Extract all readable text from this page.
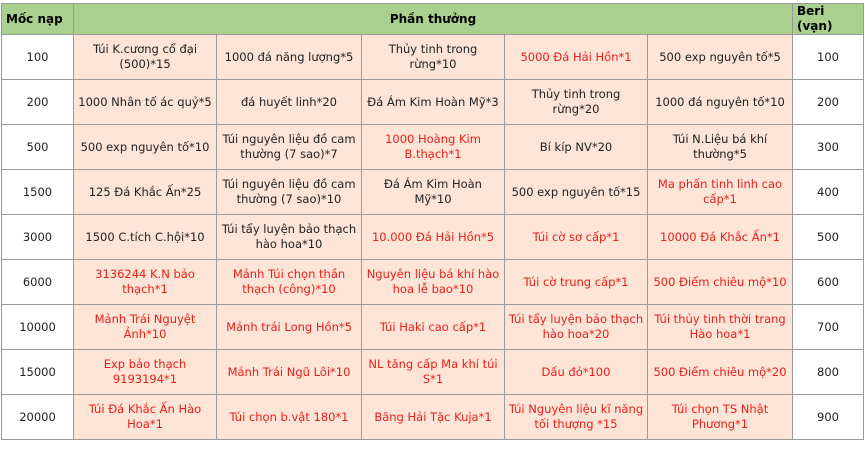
Mốc nạp	Phần thưởng					Beri (vạn)
100	Túi K.cương cổ đại (500)*15	1000 đá năng lượng*5	Thủy tinh trong rừng*10	5000 Đá Hải Hồn*1	500 exp nguyên tố*5	100
200	1000 Nhân tố ác quỷ*5	đá huyết linh*20	Đá Ám Kim Hoàn Mỹ*3	Thủy tinh trong rừng*20	1000 đá nguyên tố*10	200
500	500 exp nguyên tố*10	Túi nguyên liệu đồ cam thường (7 sao)*7	1000 Hoàng Kim B.thạch*1	Bí kíp NV*20	Túi N.Liệu bá khí thường*5	300
1500	125 Đá Khắc Ấn*25	Túi nguyên liệu đồ cam thường (7 sao)*10	Đá Ám Kim Hoàn Mỹ*10	500 exp nguyên tố*15	Ma phấn tinh linh cao cấp*1	400
3000	1500 C.tích C.hội*10	Túi tẩy luyện bảo thạch hào hoa*10	10.000 Đá Hải Hồn*5	Túi cờ sơ cấp*1	10000 Đá Khắc Ấn*1	500
6000	3136244 K.N bảo thạch*1	Mảnh Túi chọn thần thạch (công)*10	Nguyên liệu bá khí hào hoa lễ bao*10	Túi cờ trung cấp*1	500 Điểm chiêu mộ*10	600
10000	Mảnh Trái Nguyệt Ảnh*10	Mảnh trái Long Hồn*5	Túi Haki cao cấp*1	Túi tẩy luyện bảo thạch hào hoa*20	Túi thủy tinh thời trang Hào hoa*1	700
15000	Exp bảo thạch 9193194*1	Mảnh Trái Ngũ Lôi*10	NL tăng cấp Ma khí túi S*1	Dấu đỏ*100	500 Điểm chiêu mộ*20	800
20000	Túi Đá Khắc Ấn Hào Hoa*1	Túi chọn b.vật 180*1	Băng Hải Tặc Kuja*1	Túi Nguyên liệu kĩ năng tối thượng *15	Túi chọn TS Nhật Phương*1	900
